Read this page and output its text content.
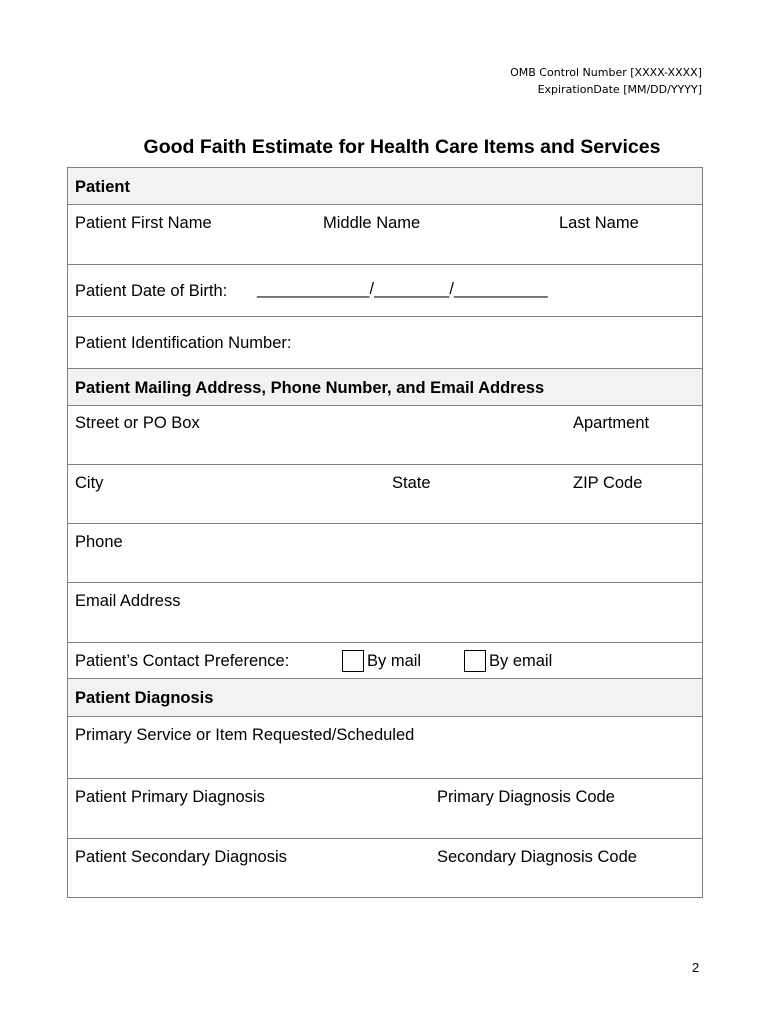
OMB Control Number [XXXX-XXXX]
ExpirationDate [MM/DD/YYYY]
Good Faith Estimate for Health Care Items and Services
Patient
Patient First Name	Middle Name	Last Name
Patient Date of Birth: ____________/________/__________
Patient Identification Number:
Patient Mailing Address, Phone Number, and Email Address
Street or PO Box	Apartment
City	State	ZIP Code
Phone
Email Address
Patient’s Contact Preference:	By mail	By email
Patient Diagnosis
Primary Service or Item Requested/Scheduled
Patient Primary Diagnosis	Primary Diagnosis Code
Patient Secondary Diagnosis	Secondary Diagnosis Code
2
